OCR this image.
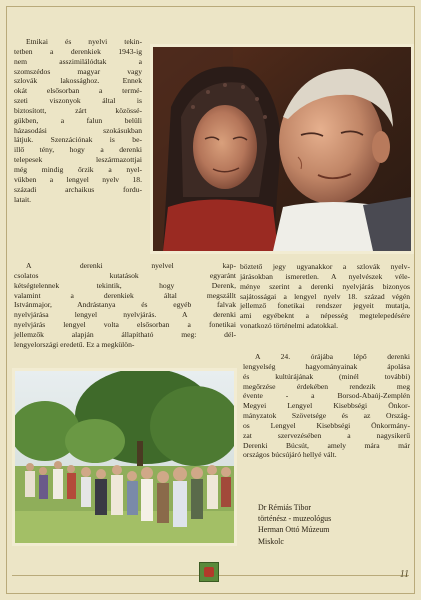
Etnikai és nyelvi tekin-
tetben a derenkiek 1943-ig
nem asszimilálódtak a
szomszédos magyar vagy
szlovák lakossághoz. Ennek
okát elsősorban a termé-
szeti viszonyok által is
biztosított, zárt közössé-
gükben, a falun belüli
házasodási szokásukban
látjuk. Szenzációnak is be-
illő tény, hogy a derenki
telepesek leszármazottjai
még mindig őrzik a nyel-
vükben a lengyel nyelv 18.
századi archaikus fordu-
latait.
A derenki nyelvel kap-
csolatos kutatások egyaránt
kétségtelennek tekintik, hogy Derenk,
valamint a derenkiek által megszállt
Istvánmajor, Andrástanya és egyéb falvak
nyelvjárása lengyel nyelvjárás. A derenki
nyelvjárás lengyel volta elsősorban a fonetikai
jellemzők alapján állapítható meg: dél-
lengyelországi eredetű. Ez a megkülön-
böztető jegy ugyanakkor a szlovák nyelv-
járásokban ismeretlen. A nyelvészek véle-
ménye szerint a derenki nyelvjárás bizonyos
sajátosságai a lengyel nyelv 18. század végén
jellemző fonetikai rendszer jegyeit mutatja,
ami egyébeknt a népesség megtelepedésére
vonatkozó történelmi adatokkal.
A 24. órájába lépő derenki
lengyelség hagyományainak ápolása
és kultúrájának (minél további)
megőrzése érdekében rendezik meg
évente - a Borsod-Abaúj-Zemplén
Megyei Lengyel Kisebbségi Önkor-
mányzatok Szövetsége és az Ország-
os Lengyel Kisebbségi Önkormány-
zat szervezésében a nagysikerű
Derenki Búcsút, amely mára már
országos búcsújáró hellyé vált.
Dr Rémiás Tibor
történész - muzeológus
Herman Ottó Múzeum
Miskolc
11
